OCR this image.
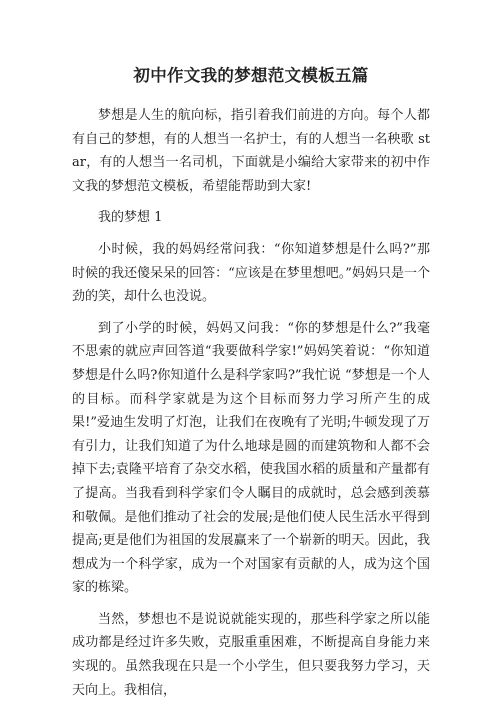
初中作文我的梦想范文模板五篇

梦想是人生的航向标，指引着我们前进的方向。每个人都有自己的梦想，有的人想当一名护士，有的人想当一名秧歌 star，有的人想当一名司机，下面就是小编给大家带来的初中作文我的梦想范文模板，希望能帮助到大家!

我的梦想 1

小时候，我的妈妈经常问我：“你知道梦想是什么吗?”那时候的我还傻呆呆的回答：“应该是在梦里想吧。”妈妈只是一个劲的笑，却什么也没说。

到了小学的时候，妈妈又问我：“你的梦想是什么?”我毫不思索的就应声回答道“我要做科学家!”妈妈笑着说：“你知道梦想是什么吗?你知道什么是科学家吗?”我忙说 “梦想是一个人的目标。而科学家就是为这个目标而努力学习所产生的成果!”爱迪生发明了灯泡，让我们在夜晚有了光明;牛顿发现了万有引力，让我们知道了为什么地球是圆的而建筑物和人都不会掉下去;袁隆平培育了杂交水稻，使我国水稻的质量和产量都有了提高。当我看到科学家们令人瞩目的成就时，总会感到羡慕和敬佩。是他们推动了社会的发展;是他们使人民生活水平得到提高;更是他们为祖国的发展赢来了一个崭新的明天。因此，我想成为一个科学家，成为一个对国家有贡献的人，成为这个国家的栋梁。

当然，梦想也不是说说就能实现的，那些科学家之所以能成功都是经过许多失败，克服重重困难，不断提高自身能力来实现的。虽然我现在只是一个小学生，但只要我努力学习，天天向上。我相信，
